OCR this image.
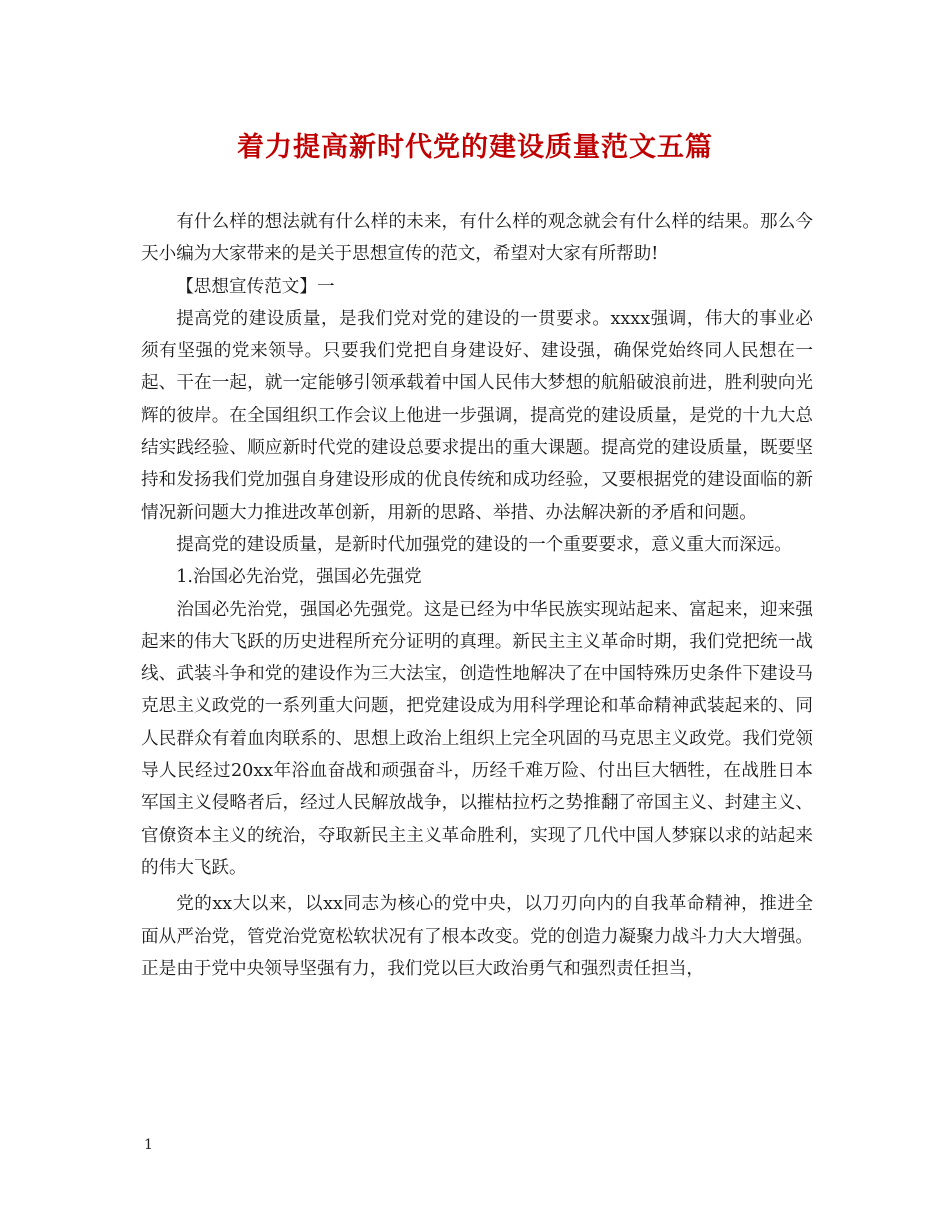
着力提高新时代党的建设质量范文五篇

有什么样的想法就有什么样的未来，有什么样的观念就会有什么样的结果。那么今天小编为大家带来的是关于思想宣传的范文，希望对大家有所帮助!

【思想宣传范文】一

提高党的建设质量，是我们党对党的建设的一贯要求。xxxx强调，伟大的事业必须有坚强的党来领导。只要我们党把自身建设好、建设强，确保党始终同人民想在一起、干在一起，就一定能够引领承载着中国人民伟大梦想的航船破浪前进，胜利驶向光辉的彼岸。在全国组织工作会议上他进一步强调，提高党的建设质量，是党的十九大总结实践经验、顺应新时代党的建设总要求提出的重大课题。提高党的建设质量，既要坚持和发扬我们党加强自身建设形成的优良传统和成功经验，又要根据党的建设面临的新情况新问题大力推进改革创新，用新的思路、举措、办法解决新的矛盾和问题。

提高党的建设质量，是新时代加强党的建设的一个重要要求，意义重大而深远。

1.治国必先治党，强国必先强党

治国必先治党，强国必先强党。这是已经为中华民族实现站起来、富起来，迎来强起来的伟大飞跃的历史进程所充分证明的真理。新民主主义革命时期，我们党把统一战线、武装斗争和党的建设作为三大法宝，创造性地解决了在中国特殊历史条件下建设马克思主义政党的一系列重大问题，把党建设成为用科学理论和革命精神武装起来的、同人民群众有着血肉联系的、思想上政治上组织上完全巩固的马克思主义政党。我们党领导人民经过20xx年浴血奋战和顽强奋斗，历经千难万险、付出巨大牺牲，在战胜日本军国主义侵略者后，经过人民解放战争，以摧枯拉朽之势推翻了帝国主义、封建主义、官僚资本主义的统治，夺取新民主主义革命胜利，实现了几代中国人梦寐以求的站起来的伟大飞跃。

党的xx大以来，以xx同志为核心的党中央，以刀刃向内的自我革命精神，推进全面从严治党，管党治党宽松软状况有了根本改变。党的创造力凝聚力战斗力大大增强。正是由于党中央领导坚强有力，我们党以巨大政治勇气和强烈责任担当，

1
